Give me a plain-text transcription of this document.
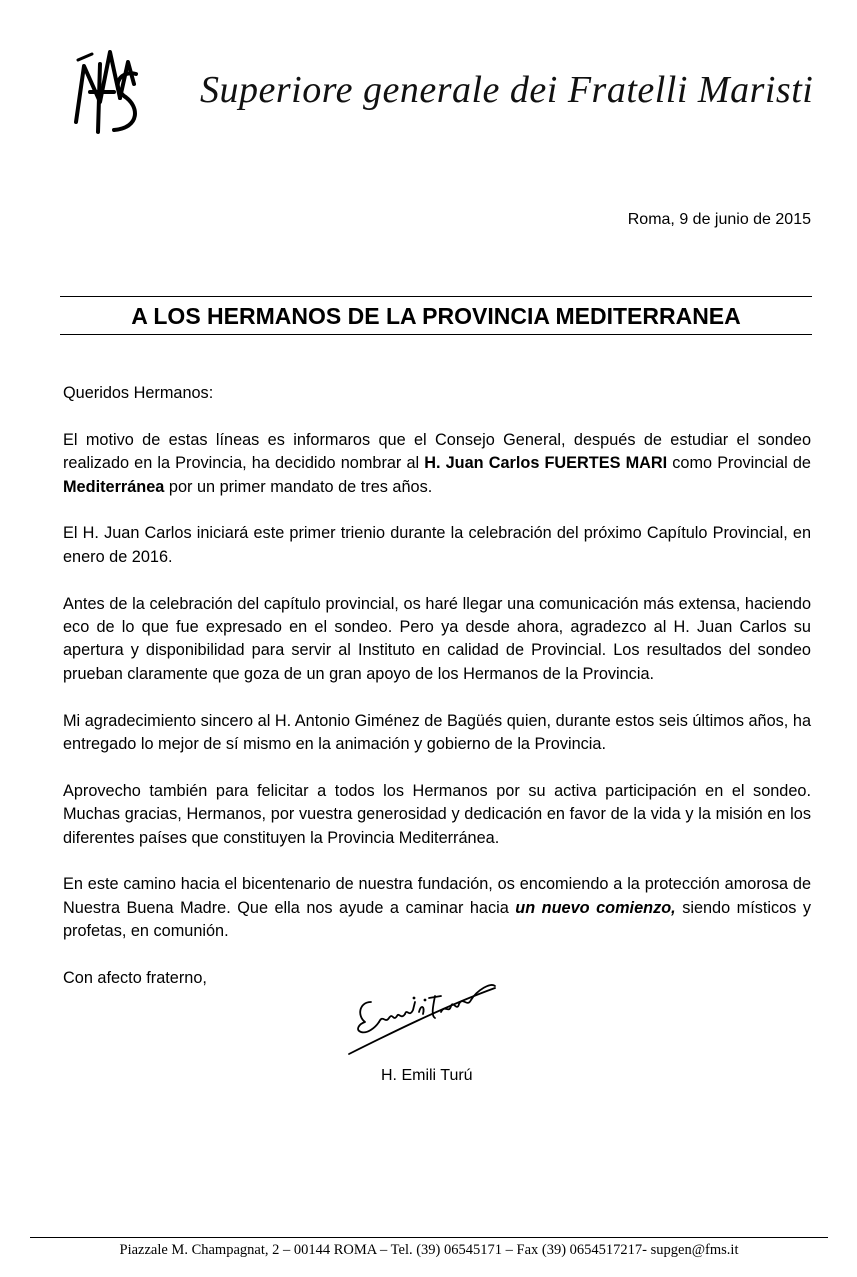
Superiore generale dei Fratelli Maristi
Roma, 9 de junio de 2015
A LOS HERMANOS DE LA PROVINCIA MEDITERRANEA

Queridos Hermanos:

El motivo de estas líneas es informaros que el Consejo General, después de estudiar el sondeo realizado en la Provincia, ha decidido nombrar al H. Juan Carlos FUERTES MARI como Provincial de Mediterránea por un primer mandato de tres años.

El H. Juan Carlos iniciará este primer trienio durante la celebración del próximo Capítulo Provincial, en enero de 2016.

Antes de la celebración del capítulo provincial, os haré llegar una comunicación más extensa, haciendo eco de lo que fue expresado en el sondeo. Pero ya desde ahora, agradezco al H. Juan Carlos su apertura y disponibilidad para servir al Instituto en calidad de Provincial. Los resultados del sondeo prueban claramente que goza de un gran apoyo de los Hermanos de la Provincia.

Mi agradecimiento sincero al H. Antonio Giménez de Bagüés quien, durante estos seis últimos años, ha entregado lo mejor de sí mismo en la animación y gobierno de la Provincia.

Aprovecho también para felicitar a todos los Hermanos por su activa participación en el sondeo. Muchas gracias, Hermanos, por vuestra generosidad y dedicación en favor de la vida y la misión en los diferentes países que constituyen la Provincia Mediterránea.

En este camino hacia el bicentenario de nuestra fundación, os encomiendo a la protección amorosa de Nuestra Buena Madre. Que ella nos ayude a caminar hacia un nuevo comienzo, siendo místicos y profetas, en comunión.

Con afecto fraterno,

H. Emili Turú
Piazzale M. Champagnat, 2 – 00144 ROMA – Tel. (39) 06545171 – Fax (39) 0654517217- supgen@fms.it
